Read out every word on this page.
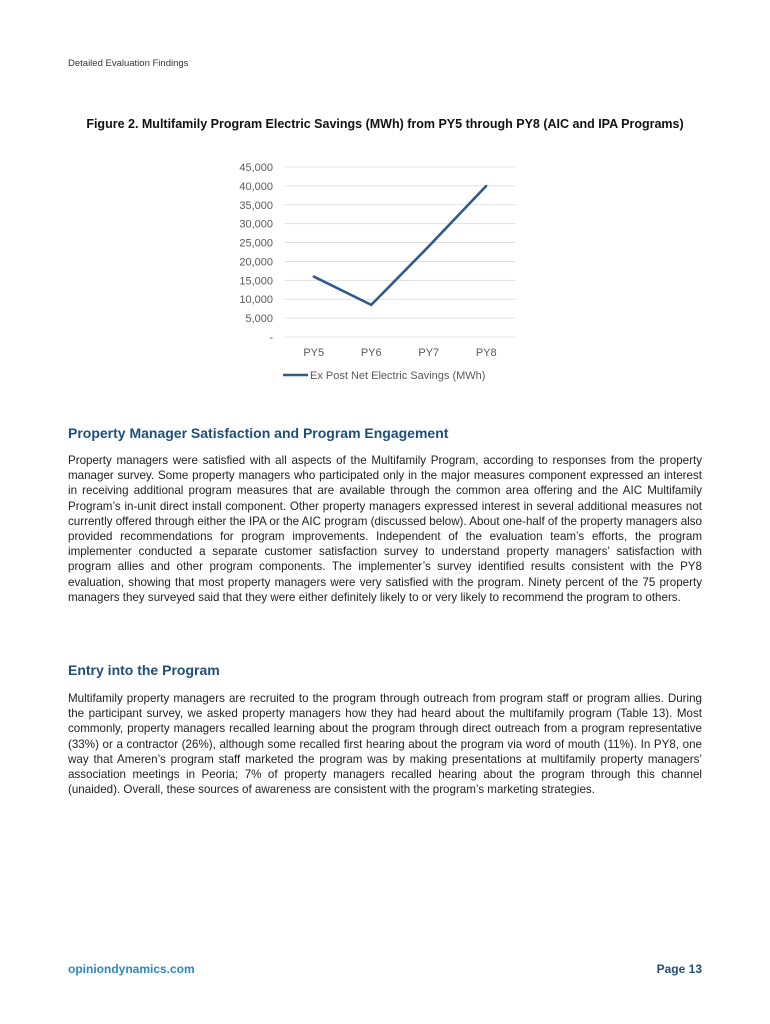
Detailed Evaluation Findings
Figure 2. Multifamily Program Electric Savings (MWh) from PY5 through PY8 (AIC and IPA Programs)
45,000
40,000
35,000
30,000
25,000
20,000
15,000
10,000
5,000
-
PY5	PY6	PY7	PY8
Ex Post Net Electric Savings (MWh)
Property Manager Satisfaction and Program Engagement

Property managers were satisfied with all aspects of the Multifamily Program, according to responses from the property manager survey. Some property managers who participated only in the major measures component expressed an interest in receiving additional program measures that are available through the common area offering and the AIC Multifamily Program’s in-unit direct install component. Other property managers expressed interest in several additional measures not currently offered through either the IPA or the AIC program (discussed below). About one-half of the property managers also provided recommendations for program improvements. Independent of the evaluation team’s efforts, the program implementer conducted a separate customer satisfaction survey to understand property managers’ satisfaction with program allies and other program components. The implementer’s survey identified results consistent with the PY8 evaluation, showing that most property managers were very satisfied with the program. Ninety percent of the 75 property managers they surveyed said that they were either definitely likely to or very likely to recommend the program to others.

Entry into the Program

Multifamily property managers are recruited to the program through outreach from program staff or program allies. During the participant survey, we asked property managers how they had heard about the multifamily program (Table 13). Most commonly, property managers recalled learning about the program through direct outreach from a program representative (33%) or a contractor (26%), although some recalled first hearing about the program via word of mouth (11%). In PY8, one way that Ameren’s program staff marketed the program was by making presentations at multifamily property managers’ association meetings in Peoria; 7% of property managers recalled hearing about the program through this channel (unaided). Overall, these sources of awareness are consistent with the program’s marketing strategies.

opiniondynamics.com	Page 13
